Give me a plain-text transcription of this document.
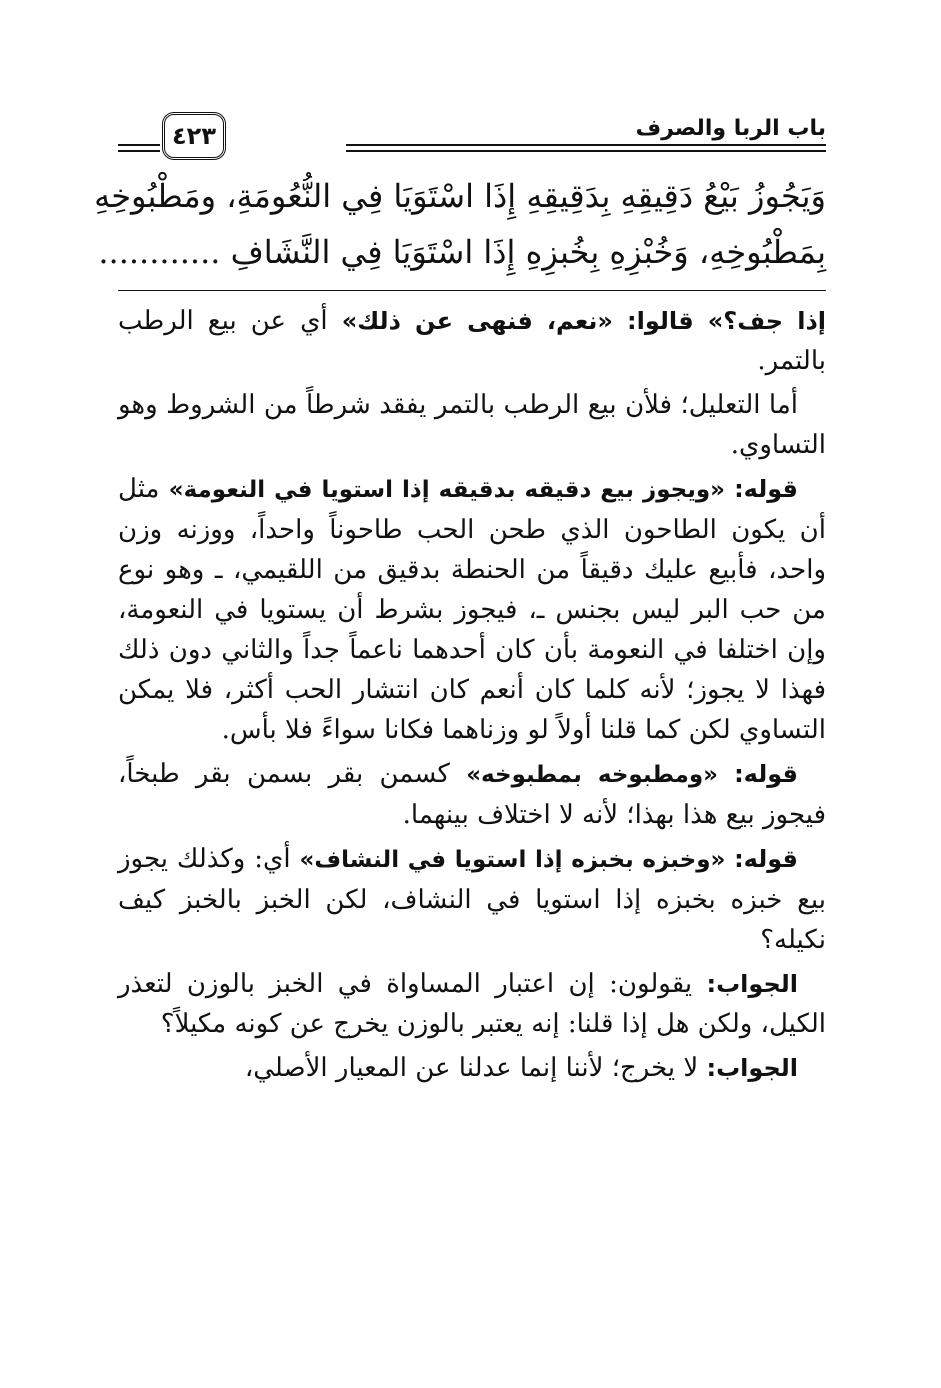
باب الربا والصرف
٤٢٣
وَيَجُوزُ بَيْعُ دَقِيقِهِ بِدَقِيقِهِ إِذَا اسْتَوَيَا فِي النُّعُومَةِ، ومَطْبُوخِهِ
بِمَطْبُوخِهِ، وَخُبْزِهِ بِخُبزِهِ إِذَا اسْتَوَيَا فِي النَّشَافِ ............

إذا جف؟» قالوا: «نعم، فنهى عن ذلك» أي عن بيع الرطب بالتمر.

أما التعليل؛ فلأن بيع الرطب بالتمر يفقد شرطاً من الشروط وهو التساوي.

قوله: «ويجوز بيع دقيقه بدقيقه إذا استويا في النعومة» مثل أن يكون الطاحون الذي طحن الحب طاحوناً واحداً، ووزنه وزن واحد، فأبيع عليك دقيقاً من الحنطة بدقيق من اللقيمي، ـ وهو نوع من حب البر ليس بجنس ـ، فيجوز بشرط أن يستويا في النعومة، وإن اختلفا في النعومة بأن كان أحدهما ناعماً جداً والثاني دون ذلك فهذا لا يجوز؛ لأنه كلما كان أنعم كان انتشار الحب أكثر، فلا يمكن التساوي لكن كما قلنا أولاً لو وزناهما فكانا سواءً فلا بأس.

قوله: «ومطبوخه بمطبوخه» كسمن بقر بسمن بقر طبخاً، فيجوز بيع هذا بهذا؛ لأنه لا اختلاف بينهما.

قوله: «وخبزه بخبزه إذا استويا في النشاف» أي: وكذلك يجوز بيع خبزه بخبزه إذا استويا في النشاف، لكن الخبز بالخبز كيف نكيله؟

الجواب: يقولون: إن اعتبار المساواة في الخبز بالوزن لتعذر الكيل، ولكن هل إذا قلنا: إنه يعتبر بالوزن يخرج عن كونه مكيلاً؟

الجواب: لا يخرج؛ لأننا إنما عدلنا عن المعيار الأصلي،
